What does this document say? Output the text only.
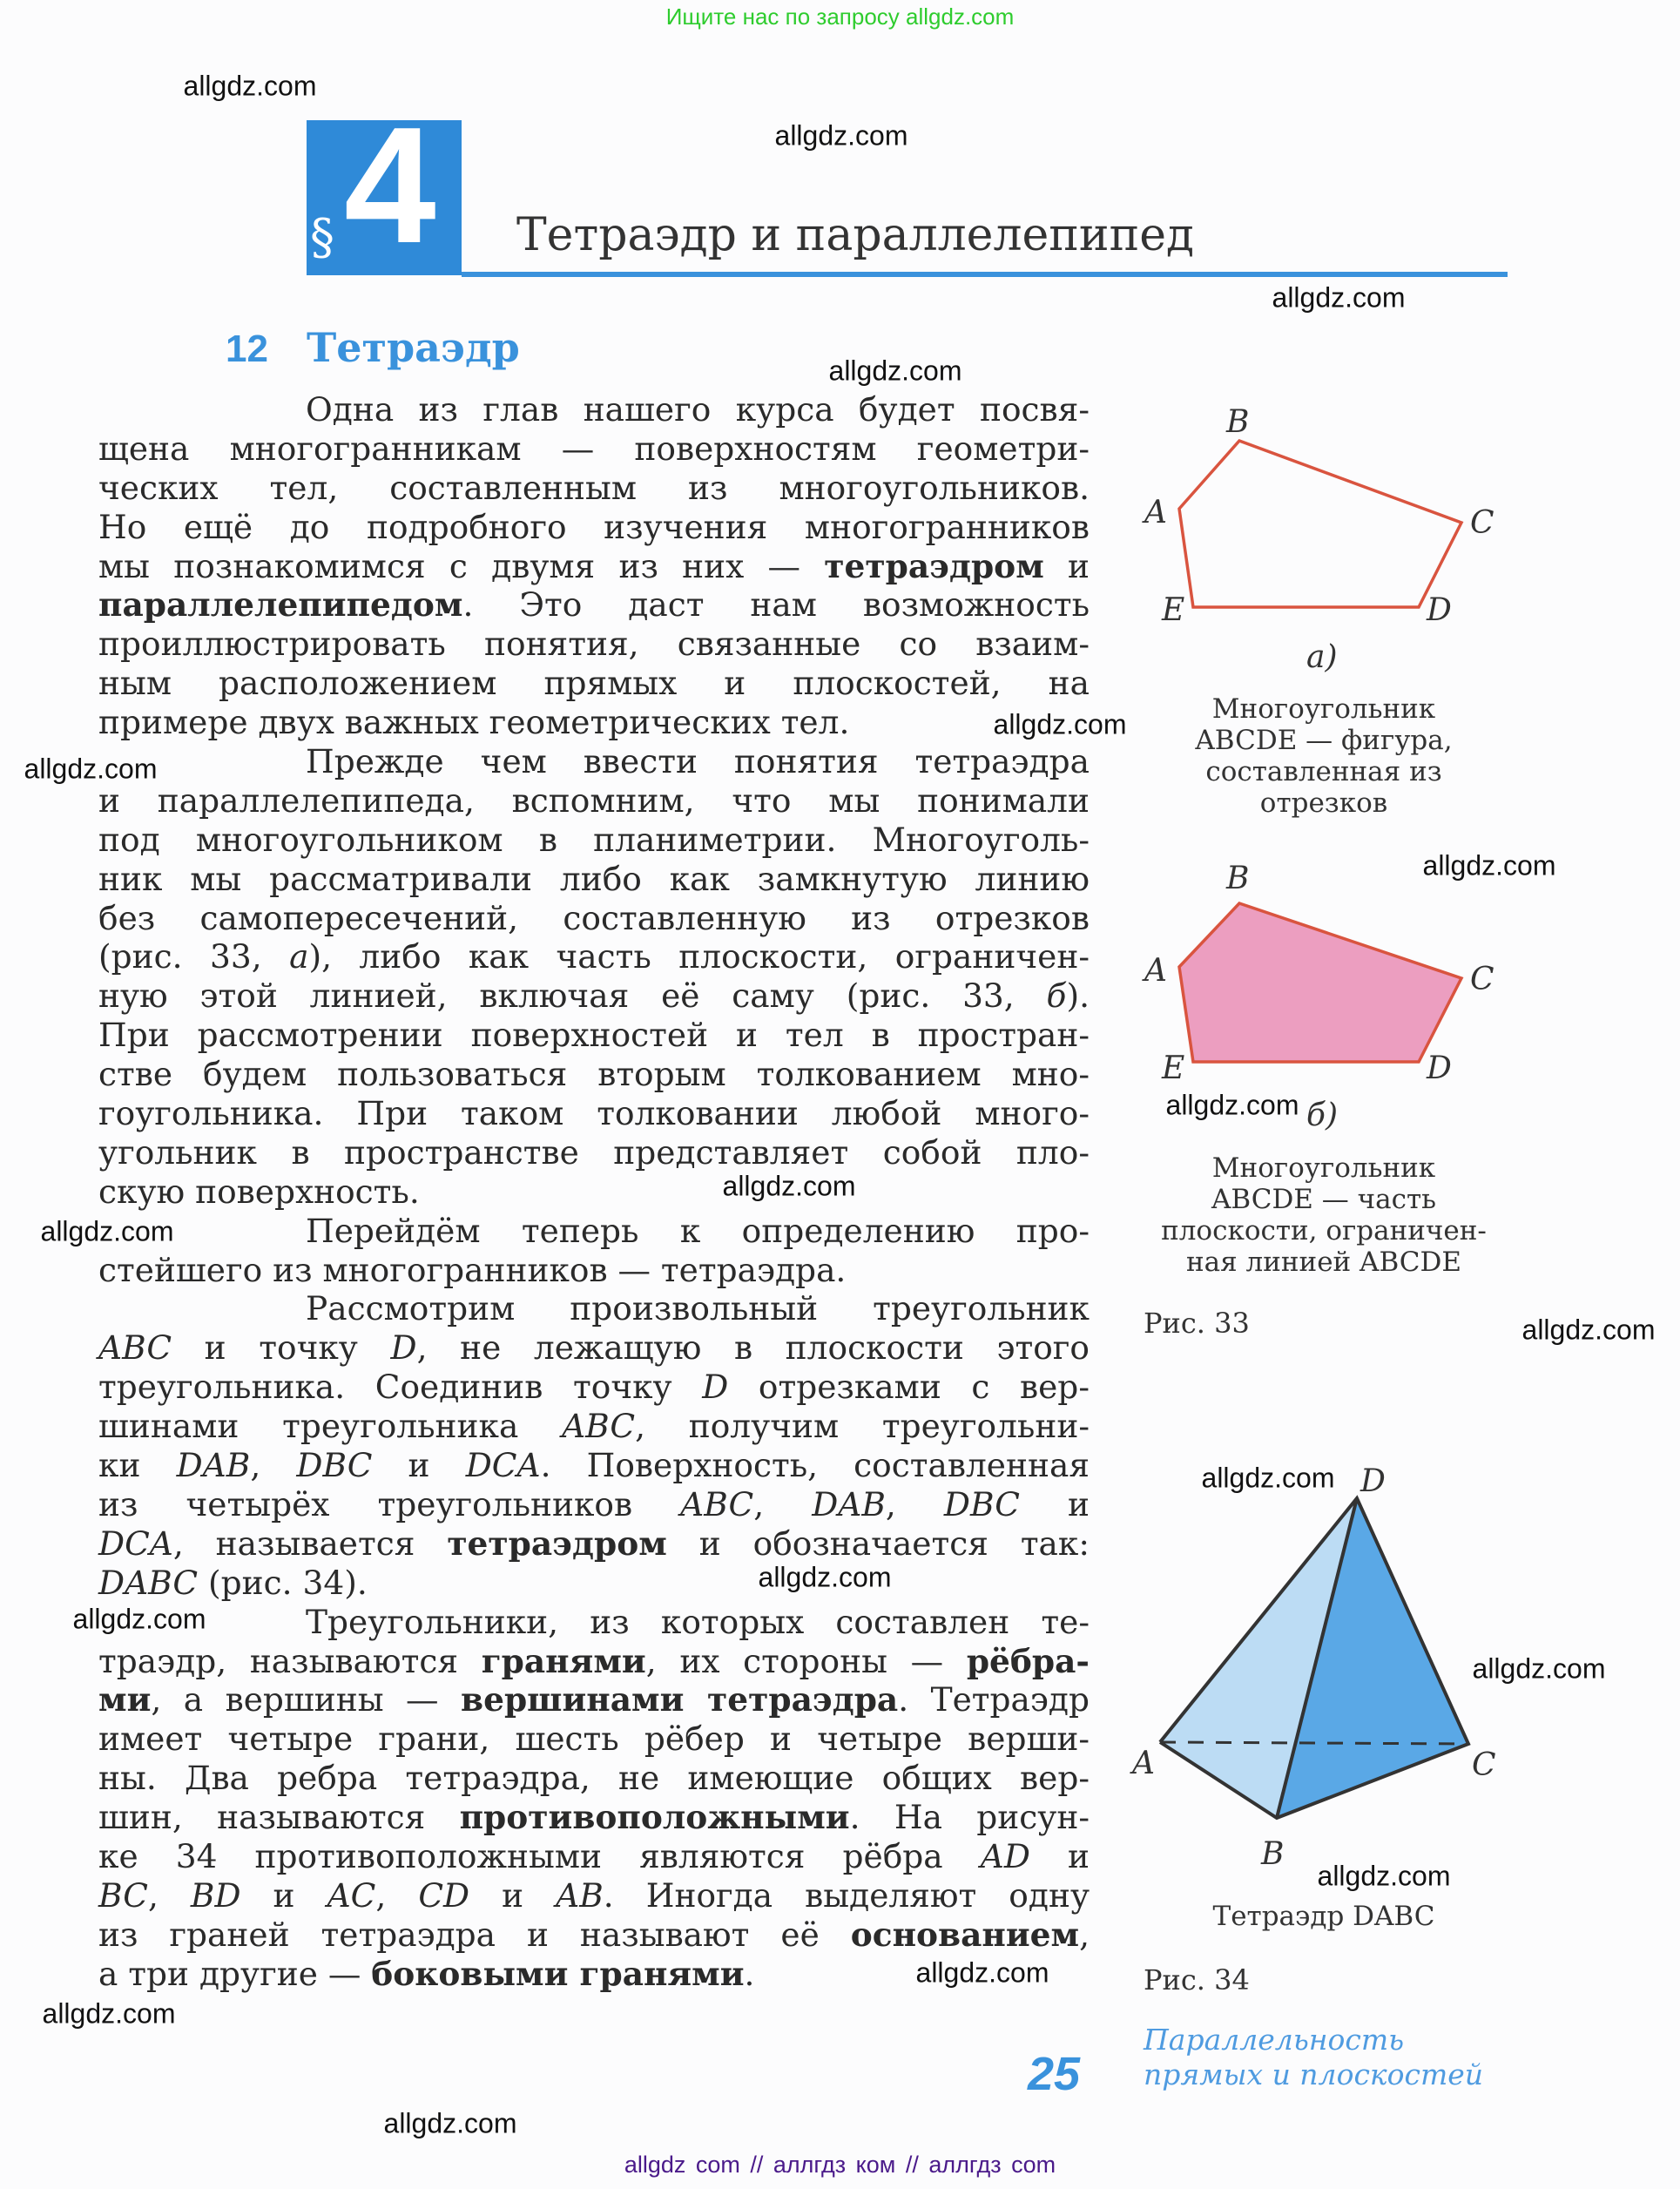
Ищите нас по запросу allgdz.com
4
§	Тетраэдр и параллелепипед
12 Тетраэдр
Одна из глав нашего курса будет посвя-
щена многогранникам — поверхностям геометри-
ческих тел, составленным из многоугольников.
Но ещё до подробного изучения многогранников
мы познакомимся с двумя из них — тетраэдром и
параллелепипедом. Это даст нам возможность
проиллюстрировать понятия, связанные со взаим-
ным расположением прямых и плоскостей, на
примере двух важных геометрических тел.
Прежде чем ввести понятия тетраэдра
и параллелепипеда, вспомним, что мы понимали
под многоугольником в планиметрии. Многоуголь-
ник мы рассматривали либо как замкнутую линию
без самопересечений, составленную из отрезков
(рис. 33, а), либо как часть плоскости, ограничен-
ную этой линией, включая её саму (рис. 33, б).
При рассмотрении поверхностей и тел в простран-
стве будем пользоваться вторым толкованием мно-
гоугольника. При таком толковании любой много-
угольник в пространстве представляет собой пло-
скую поверхность.
Перейдём теперь к определению про-
стейшего из многогранников — тетраэдра.
Рассмотрим произвольный треугольник
ABC и точку D, не лежащую в плоскости этого
треугольника. Соединив точку D отрезками с вер-
шинами треугольника ABC, получим треугольни-
ки DAB, DBC и DCA. Поверхность, составленная
из четырёх треугольников ABC, DAB, DBC и
DCA, называется тетраэдром и обозначается так:
DABC (рис. 34).
Треугольники, из которых составлен те-
траэдр, называются гранями, их стороны — рёбра-
ми, а вершины — вершинами тетраэдра. Тетраэдр
имеет четыре грани, шесть рёбер и четыре верши-
ны. Два ребра тетраэдра, не имеющие общих вер-
шин, называются противоположными. На рисун-
ке 34 противоположными являются рёбра AD и
BC, BD и AC, CD и AB. Иногда выделяют одну
из граней тетраэдра и называют её основанием,
а три другие — боковыми гранями.
B
A	C
D
E
а)
B
A	C
D
E
б)
D
A	C
B
Многоугольник
ABCDE — фигура,
составленная из
отрезков
Многоугольник
ABCDE — часть
плоскости, ограничен-
ная линией ABCDE
Рис. 33
Тетраэдр DABC
Рис. 34
25
Параллельность
прямых и плоскостей
allgdz.com
allgdz.com
allgdz.com
allgdz.com
allgdz.com
allgdz.com
allgdz.com
allgdz.com
allgdz.com
allgdz.com
allgdz.com
allgdz.com
allgdz.com
allgdz.com
allgdz.com
allgdz.com
allgdz.com
allgdz.com
allgdz.com
allgdz com // аллгдз ком // аллгдз com
